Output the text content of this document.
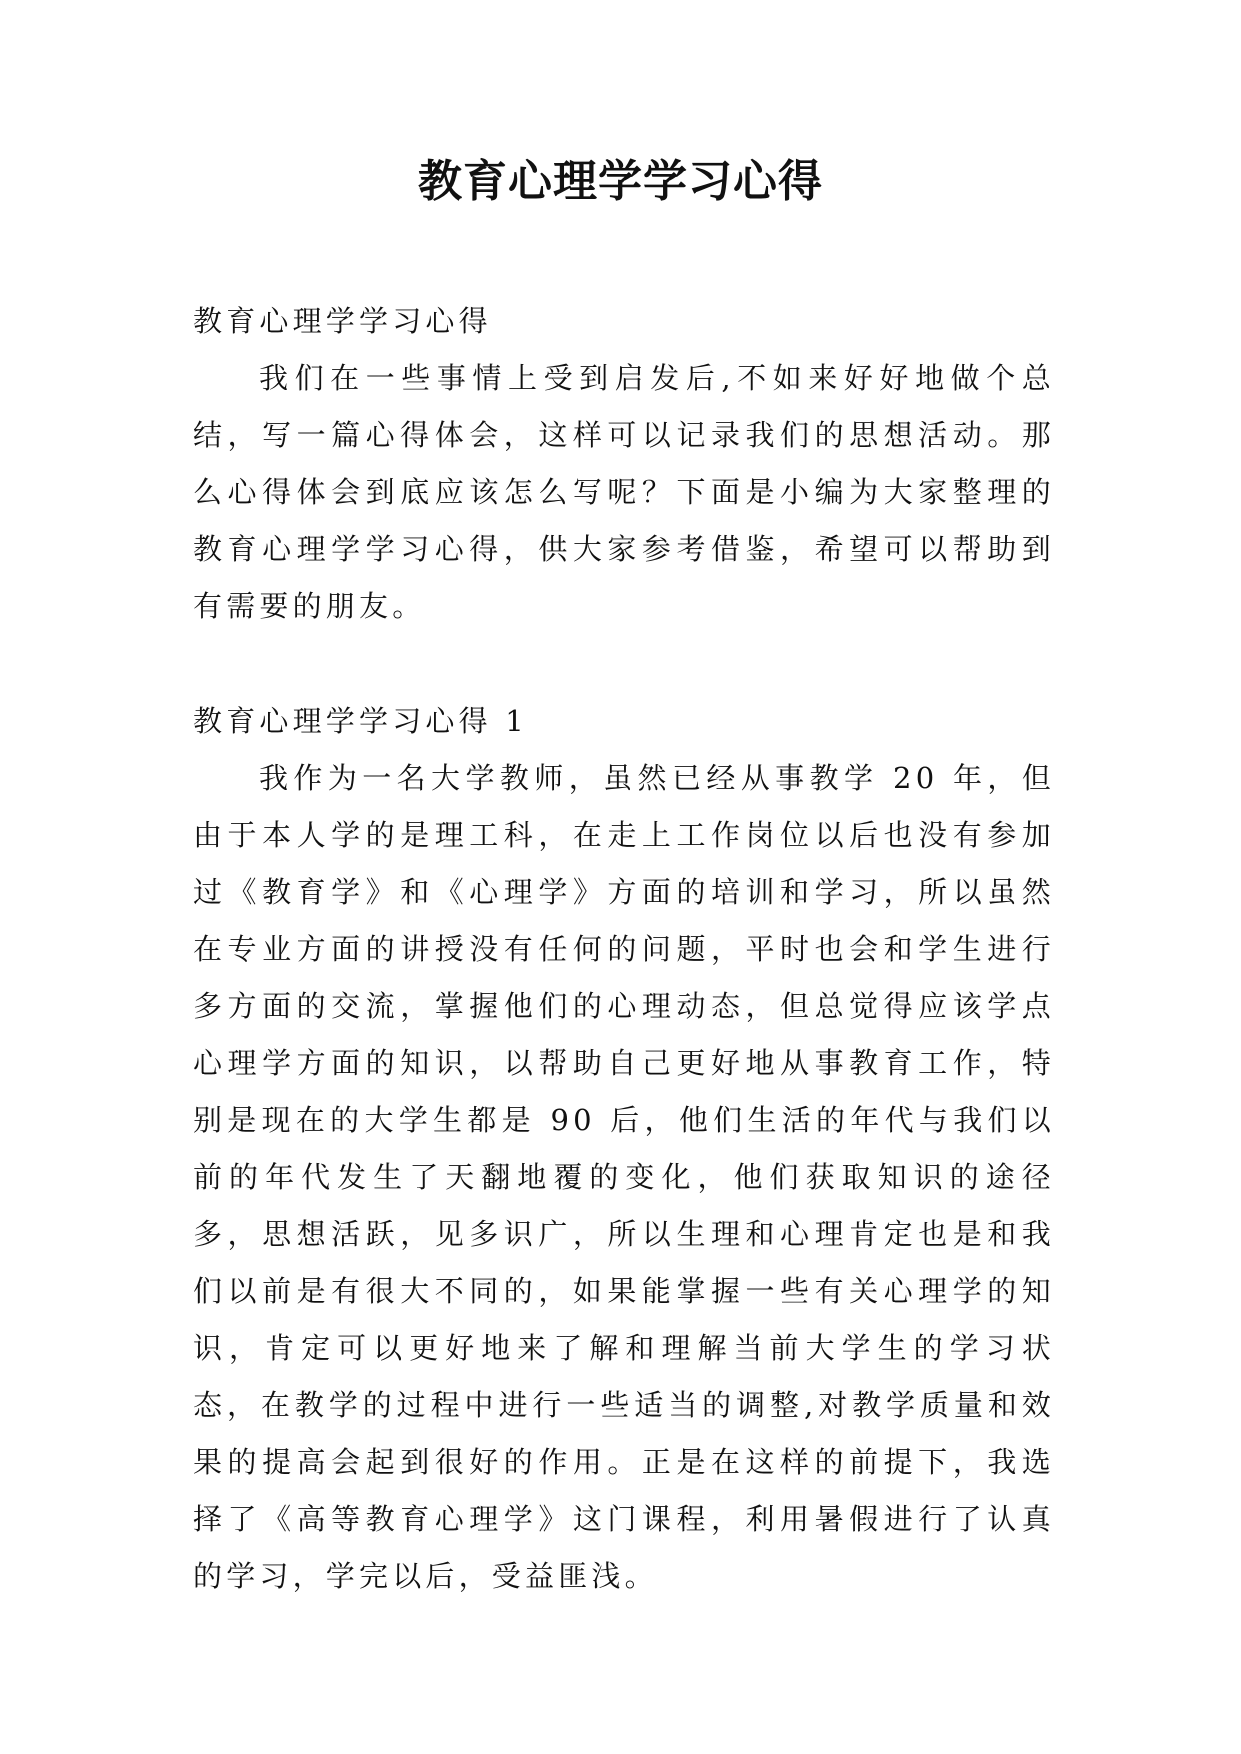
教育心理学学习心得

教育心理学学习心得

我们在一些事情上受到启发后,不如来好好地做个总结，写一篇心得体会，这样可以记录我们的思想活动。那么心得体会到底应该怎么写呢？下面是小编为大家整理的教育心理学学习心得，供大家参考借鉴，希望可以帮助到有需要的朋友。

教育心理学学习心得 1

我作为一名大学教师，虽然已经从事教学 20 年，但由于本人学的是理工科，在走上工作岗位以后也没有参加过《教育学》和《心理学》方面的培训和学习，所以虽然在专业方面的讲授没有任何的问题，平时也会和学生进行多方面的交流，掌握他们的心理动态，但总觉得应该学点心理学方面的知识，以帮助自己更好地从事教育工作，特别是现在的大学生都是 90 后，他们生活的年代与我们以前的年代发生了天翻地覆的变化，他们获取知识的途径多，思想活跃，见多识广，所以生理和心理肯定也是和我们以前是有很大不同的，如果能掌握一些有关心理学的知识，肯定可以更好地来了解和理解当前大学生的学习状态，在教学的过程中进行一些适当的调整,对教学质量和效果的提高会起到很好的作用。正是在这样的前提下，我选择了《高等教育心理学》这门课程，利用暑假进行了认真的学习，学完以后，受益匪浅。
